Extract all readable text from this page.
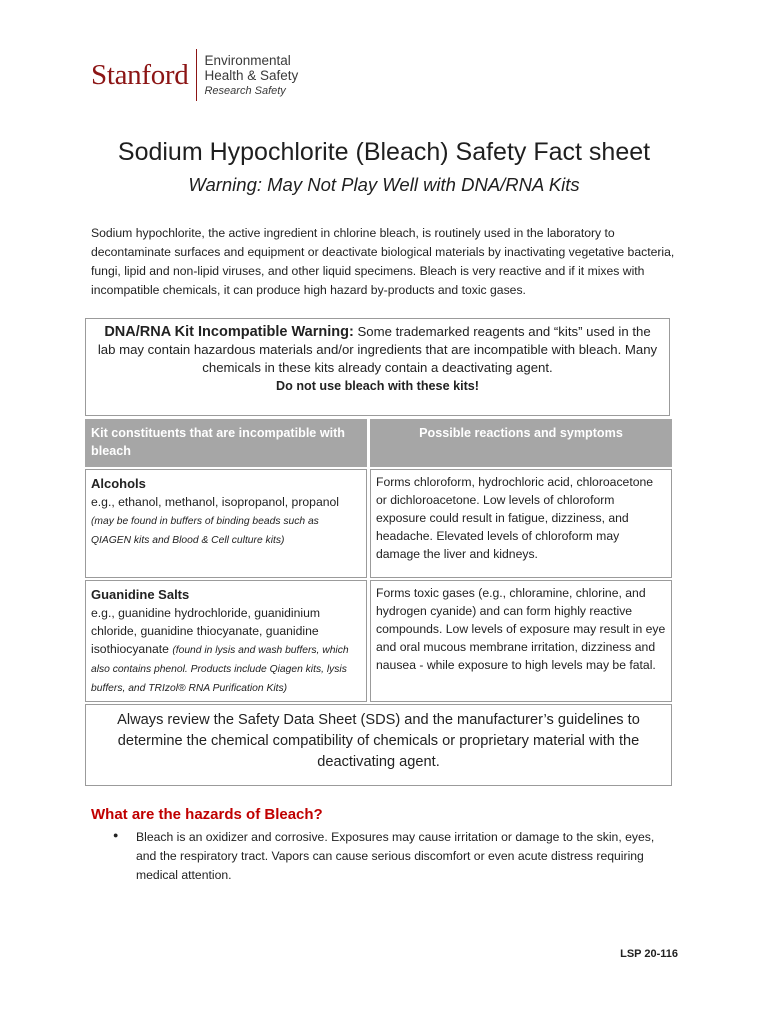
Stanford	Environmental
Health & Safety
Research Safety
Sodium Hypochlorite (Bleach) Safety Fact sheet
Warning: May Not Play Well with DNA/RNA Kits

Sodium hypochlorite, the active ingredient in chlorine bleach, is routinely used in the laboratory to decontaminate surfaces and equipment or deactivate biological materials by inactivating vegetative bacteria, fungi, lipid and non-lipid viruses, and other liquid specimens. Bleach is very reactive and if it mixes with incompatible chemicals, it can produce high hazard by-products and toxic gases.

DNA/RNA Kit Incompatible Warning: Some trademarked reagents and “kits” used in the lab may contain hazardous materials and/or ingredients that are incompatible with bleach. Many chemicals in these kits already contain a deactivating agent.
Do not use bleach with these kits!
Kit constituents that are incompatible with bleach
Possible reactions and symptoms
Alcohols
e.g., ethanol, methanol, isopropanol, propanol
(may be found in buffers of binding beads such as QIAGEN kits and Blood & Cell culture kits)
Forms chloroform, hydrochloric acid, chloroacetone or dichloroacetone. Low levels of chloroform exposure could result in fatigue, dizziness, and headache. Elevated levels of chloroform may damage the liver and kidneys.
Guanidine Salts
e.g., guanidine hydrochloride, guanidinium chloride, guanidine thiocyanate, guanidine isothiocyanate (found in lysis and wash buffers, which also contains phenol. Products include Qiagen kits, lysis buffers, and TRIzol® RNA Purification Kits)
Forms toxic gases (e.g., chloramine, chlorine, and hydrogen cyanide) and can form highly reactive compounds. Low levels of exposure may result in eye and oral mucous membrane irritation, dizziness and nausea - while exposure to high levels may be fatal.
Always review the Safety Data Sheet (SDS) and the manufacturer’s guidelines to determine the chemical compatibility of chemicals or proprietary material with the deactivating agent.
What are the hazards of Bleach?
● Bleach is an oxidizer and corrosive. Exposures may cause irritation or damage to the skin, eyes, and the respiratory tract. Vapors can cause serious discomfort or even acute distress requiring medical attention.
LSP 20-116
